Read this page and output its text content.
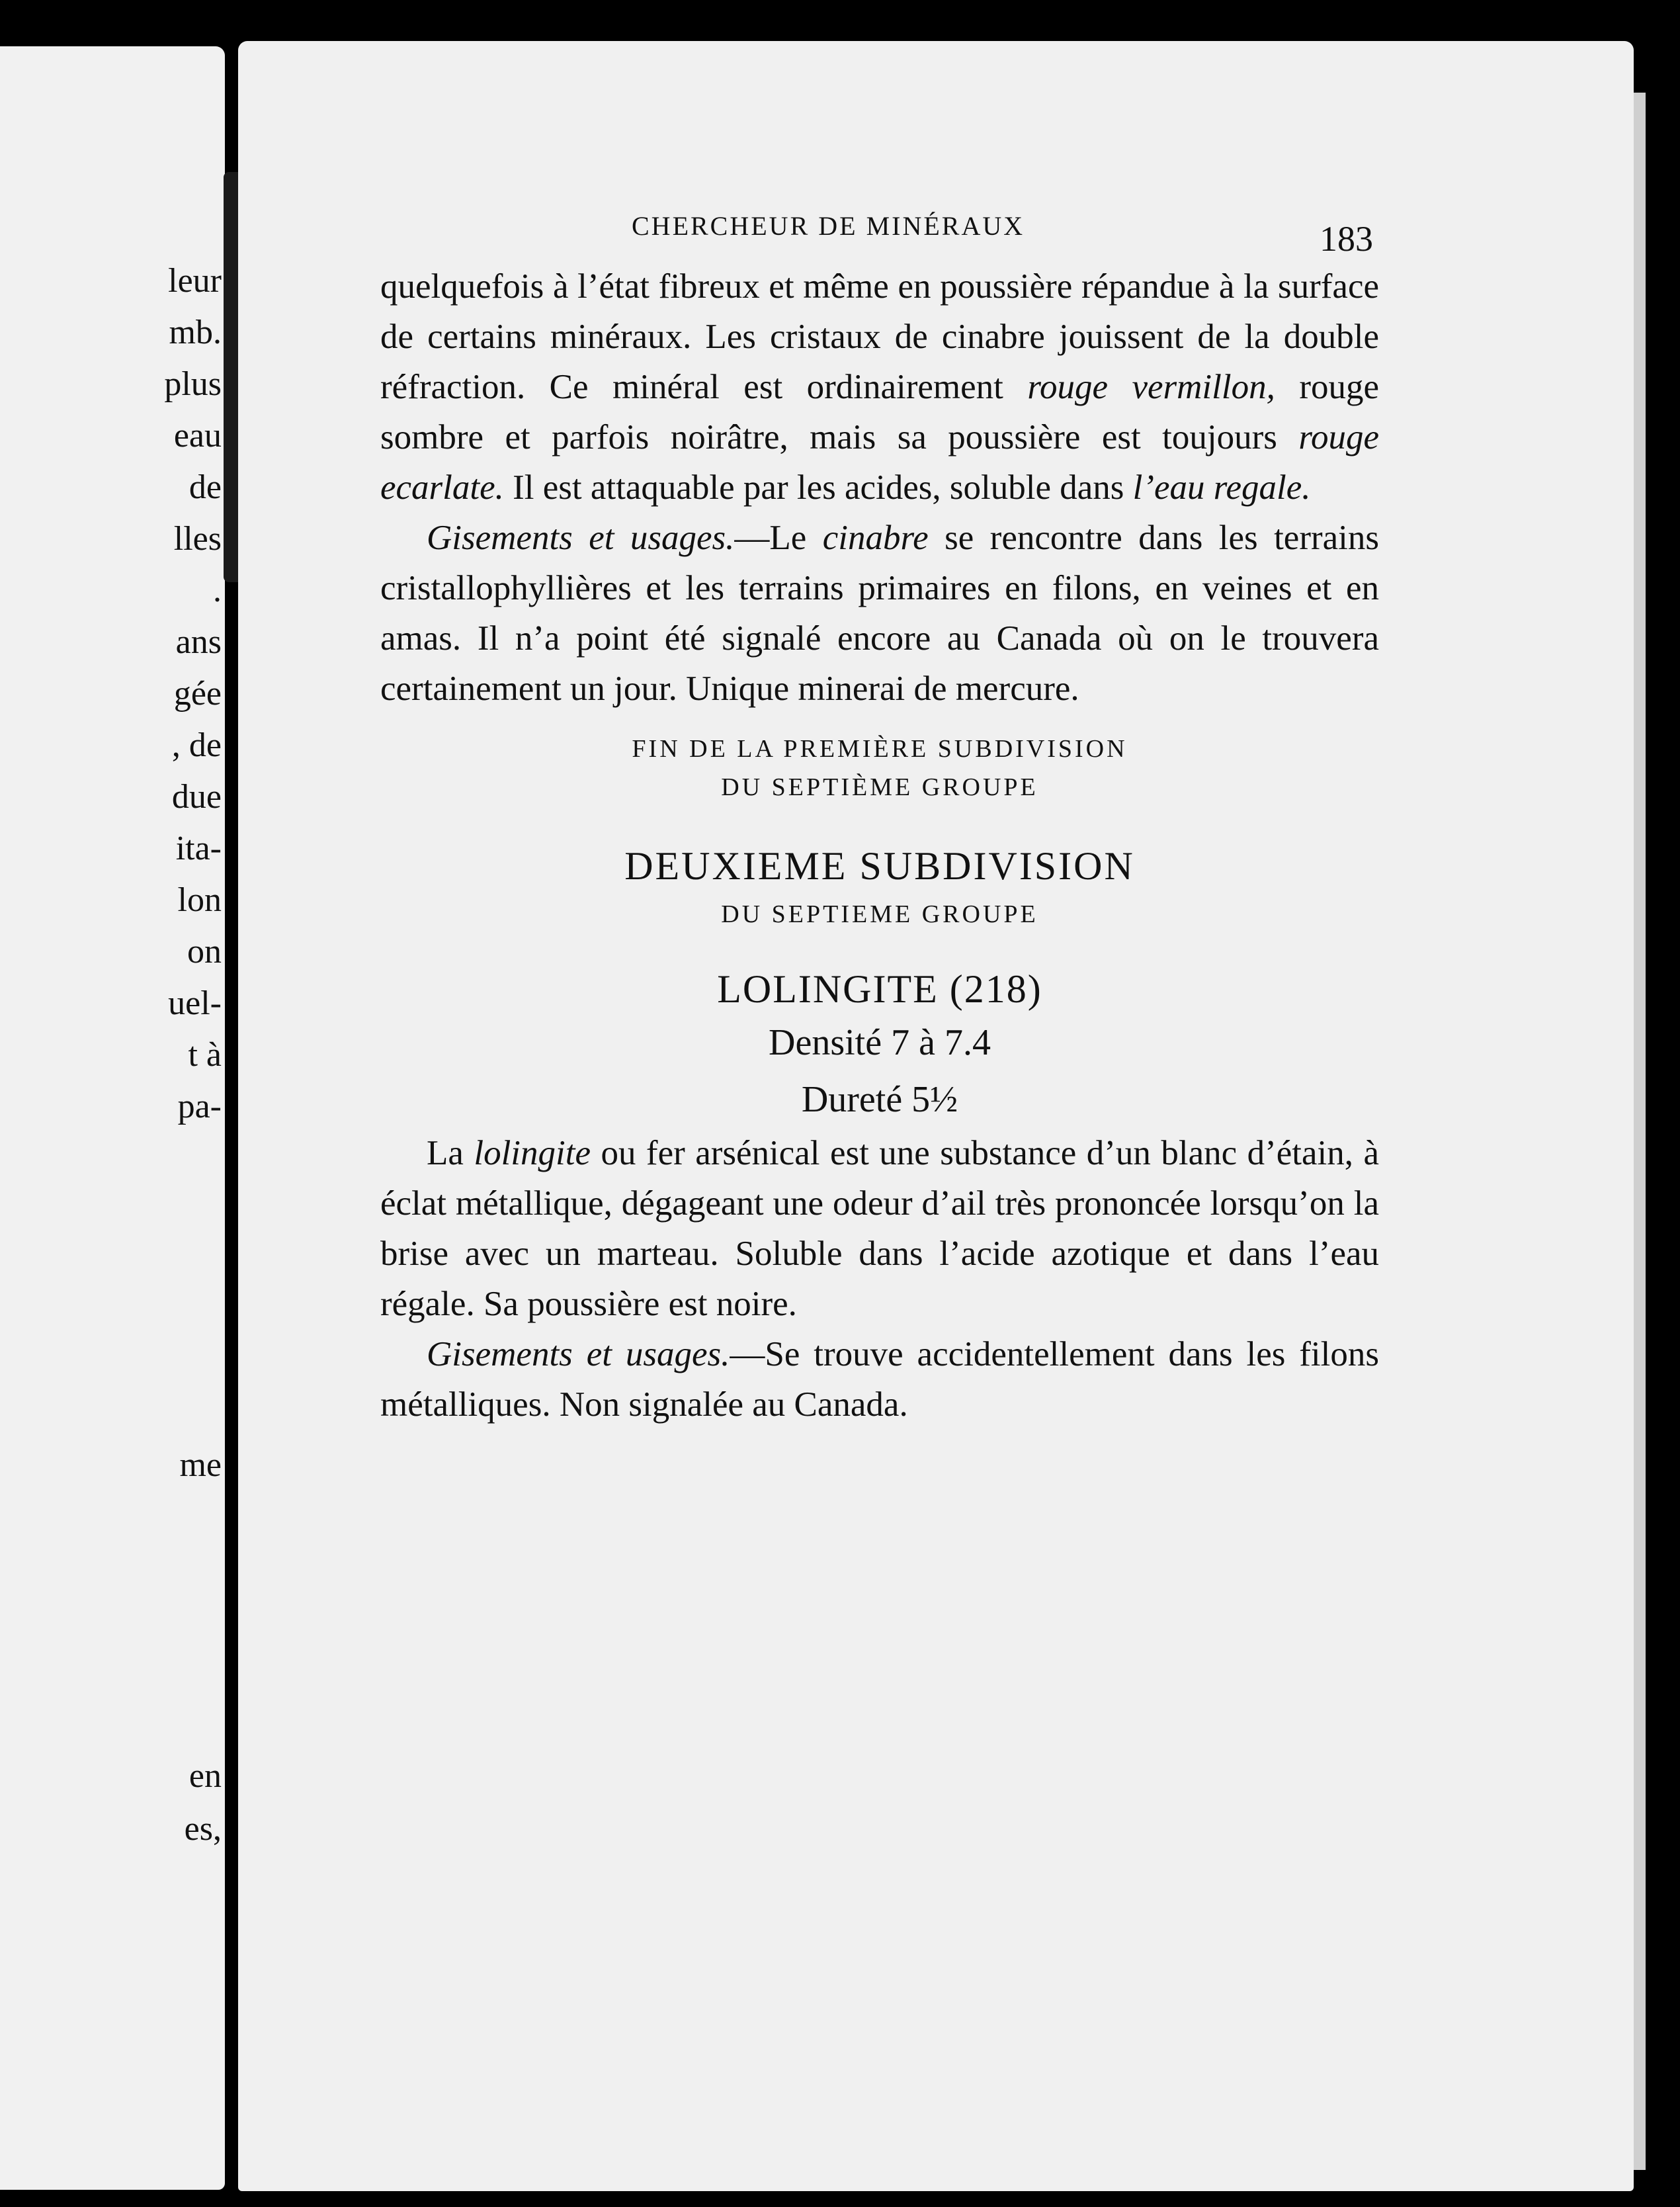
leur
mb.
plus
eau
de
lles
.
ans
gée
, de
due
ita-
lon
on
uel-
t à
pa-
me
en
es,
CHERCHEUR DE MINÉRAUX	183

quelquefois à l’état fibreux et même en poussière répandue à la surface de certains minéraux. Les cristaux de cinabre jouissent de la double réfraction. Ce minéral est ordinairement rouge vermillon, rouge sombre et parfois noirâtre, mais sa poussière est toujours rouge ecarlate. Il est attaquable par les acides, soluble dans l’eau regale.

Gisements et usages.—Le cinabre se rencontre dans les terrains cristallophyllières et les terrains primaires en filons, en veines et en amas. Il n’a point été signalé encore au Canada où on le trouvera certainement un jour. Unique minerai de mercure.

FIN DE LA PREMIÈRE SUBDIVISION

DU SEPTIÈME GROUPE

DEUXIEME SUBDIVISION

DU SEPTIEME GROUPE

LOLINGITE (218)

Densité 7 à 7.4

Dureté 5½

La lolingite ou fer arsénical est une substance d’un blanc d’étain, à éclat métallique, dégageant une odeur d’ail très prononcée lorsqu’on la brise avec un marteau. Soluble dans l’acide azotique et dans l’eau régale. Sa poussière est noire.

Gisements et usages.—Se trouve accidentellement dans les filons métalliques. Non signalée au Canada.
